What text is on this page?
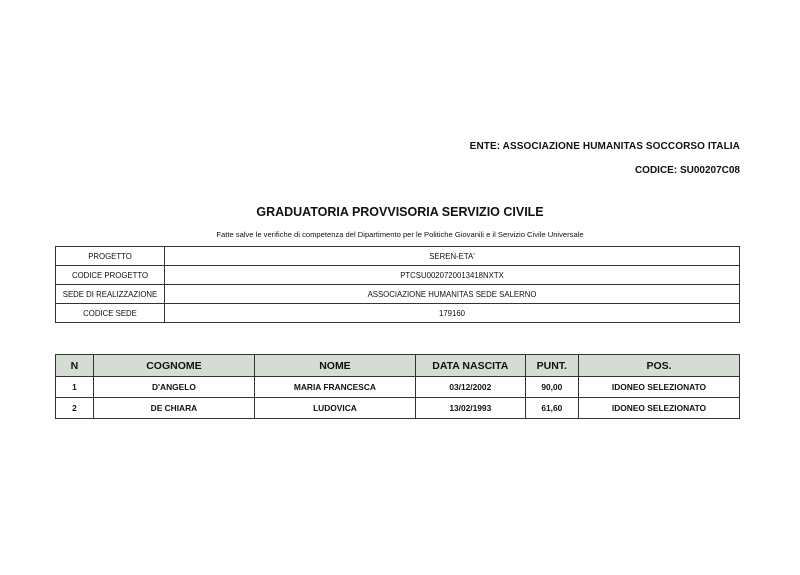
ENTE: ASSOCIAZIONE HUMANITAS SOCCORSO ITALIA
CODICE: SU00207C08
GRADUATORIA PROVVISORIA SERVIZIO CIVILE
Fatte salve le verifiche di competenza del Dipartimento per le Politiche Giovanili e il Servizio Civile Universale
PROGETTO	SEREN-ETA'
CODICE PROGETTO	PTCSU0020720013418NXTX
SEDE DI REALIZZAZIONE	ASSOCIAZIONE HUMANITAS SEDE SALERNO
CODICE SEDE	179160
N	COGNOME	NOME	DATA NASCITA	PUNT.	POS.
1	D'ANGELO	MARIA FRANCESCA	03/12/2002	90,00	IDONEO SELEZIONATO
2	DE CHIARA	LUDOVICA	13/02/1993	61,60	IDONEO SELEZIONATO
